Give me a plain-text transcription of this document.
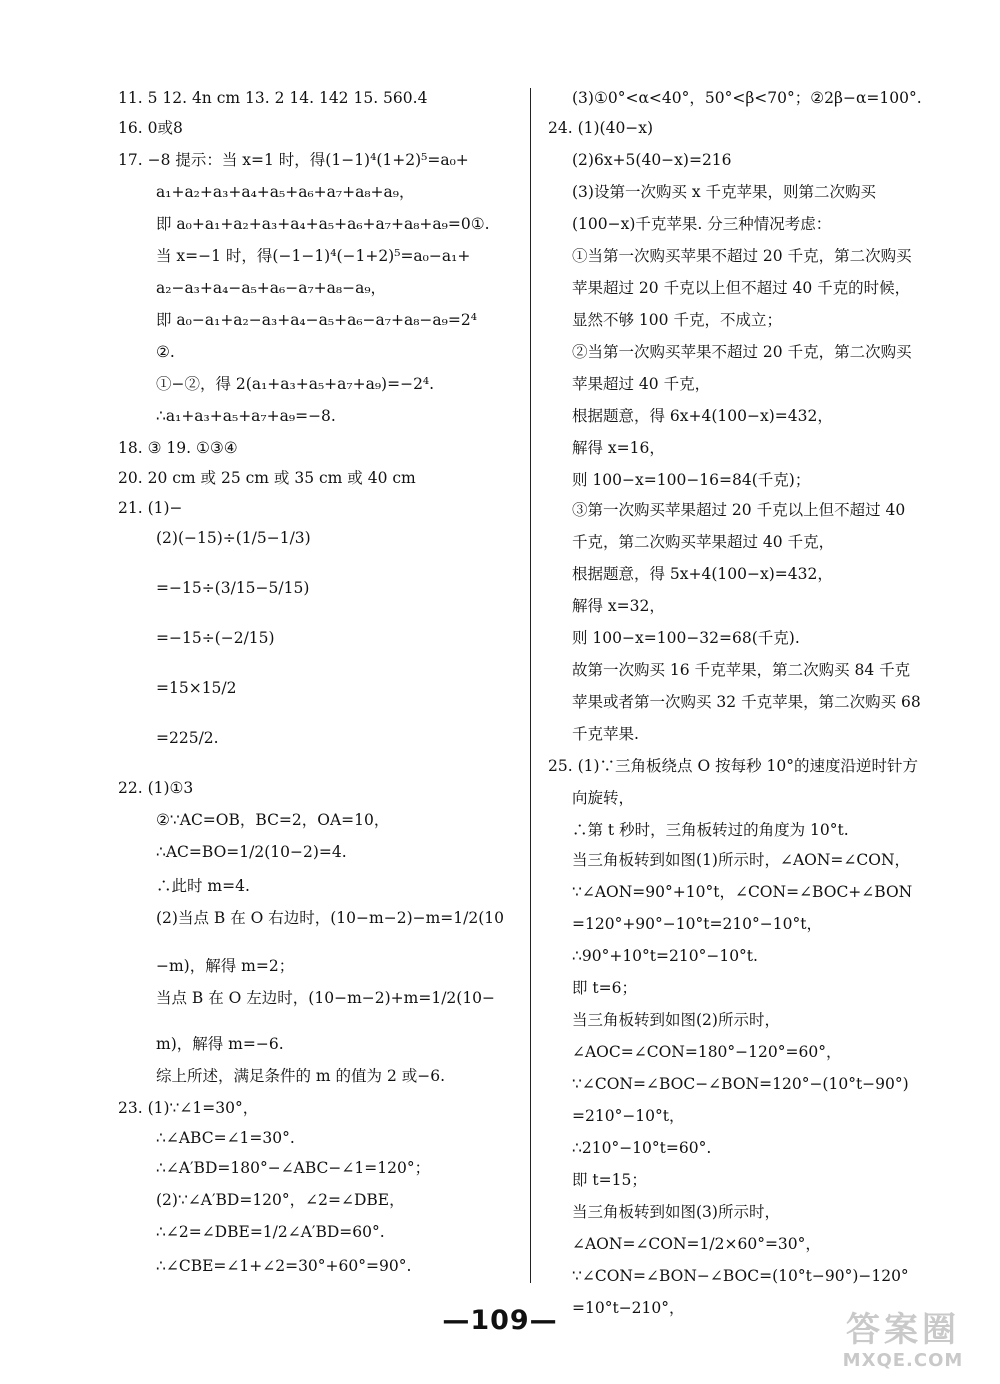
11. 5 12. 4n cm 13. 2 14. 142 15. 560.4
16. 0或8
17. −8 提示：当 x=1 时，得(1−1)⁴(1+2)⁵=a₀+
a₁+a₂+a₃+a₄+a₅+a₆+a₇+a₈+a₉，
即 a₀+a₁+a₂+a₃+a₄+a₅+a₆+a₇+a₈+a₉=0①.
当 x=−1 时，得(−1−1)⁴(−1+2)⁵=a₀−a₁+
a₂−a₃+a₄−a₅+a₆−a₇+a₈−a₉，
即 a₀−a₁+a₂−a₃+a₄−a₅+a₆−a₇+a₈−a₉=2⁴
②.
①−②，得 2(a₁+a₃+a₅+a₇+a₉)=−2⁴.
∴a₁+a₃+a₅+a₇+a₉=−8.
18. ③ 19. ①③④
20. 20 cm 或 25 cm 或 35 cm 或 40 cm
21. (1)−
(2)(−15)÷(1/5−1/3)
=−15÷(3/15−5/15)
=−15÷(−2/15)
=15×15/2
=225/2.
22. (1)①3
②∵AC=OB，BC=2，OA=10，
∴AC=BO=1/2(10−2)=4.
∴此时 m=4.
(2)当点 B 在 O 右边时，(10−m−2)−m=1/2(10
−m)，解得 m=2；
当点 B 在 O 左边时，(10−m−2)+m=1/2(10−
m)，解得 m=−6.
综上所述，满足条件的 m 的值为 2 或−6.
23. (1)∵∠1=30°，
∴∠ABC=∠1=30°.
∴∠A′BD=180°−∠ABC−∠1=120°；
(2)∵∠A′BD=120°，∠2=∠DBE，
∴∠2=∠DBE=1/2∠A′BD=60°.
∴∠CBE=∠1+∠2=30°+60°=90°.
(3)①0°<α<40°，50°<β<70°；②2β−α=100°.
24. (1)(40−x)
(2)6x+5(40−x)=216
(3)设第一次购买 x 千克苹果，则第二次购买
(100−x)千克苹果. 分三种情况考虑：
①当第一次购买苹果不超过 20 千克，第二次购买
苹果超过 20 千克以上但不超过 40 千克的时候，
显然不够 100 千克，不成立；
②当第一次购买苹果不超过 20 千克，第二次购买
苹果超过 40 千克，
根据题意，得 6x+4(100−x)=432，
解得 x=16，
则 100−x=100−16=84(千克)；
③第一次购买苹果超过 20 千克以上但不超过 40
千克，第二次购买苹果超过 40 千克，
根据题意，得 5x+4(100−x)=432，
解得 x=32，
则 100−x=100−32=68(千克).
故第一次购买 16 千克苹果，第二次购买 84 千克
苹果或者第一次购买 32 千克苹果，第二次购买 68
千克苹果.
25. (1)∵三角板绕点 O 按每秒 10°的速度沿逆时针方
向旋转，
∴第 t 秒时，三角板转过的角度为 10°t.
当三角板转到如图(1)所示时，∠AON=∠CON，
∵∠AON=90°+10°t，∠CON=∠BOC+∠BON
=120°+90°−10°t=210°−10°t，
∴90°+10°t=210°−10°t.
即 t=6；
当三角板转到如图(2)所示时，
∠AOC=∠CON=180°−120°=60°，
∵∠CON=∠BOC−∠BON=120°−(10°t−90°)
=210°−10°t，
∴210°−10°t=60°.
即 t=15；
当三角板转到如图(3)所示时，
∠AON=∠CON=1/2×60°=30°，
∵∠CON=∠BON−∠BOC=(10°t−90°)−120°
=10°t−210°，
—109—	答案圈
MXQE.COM
